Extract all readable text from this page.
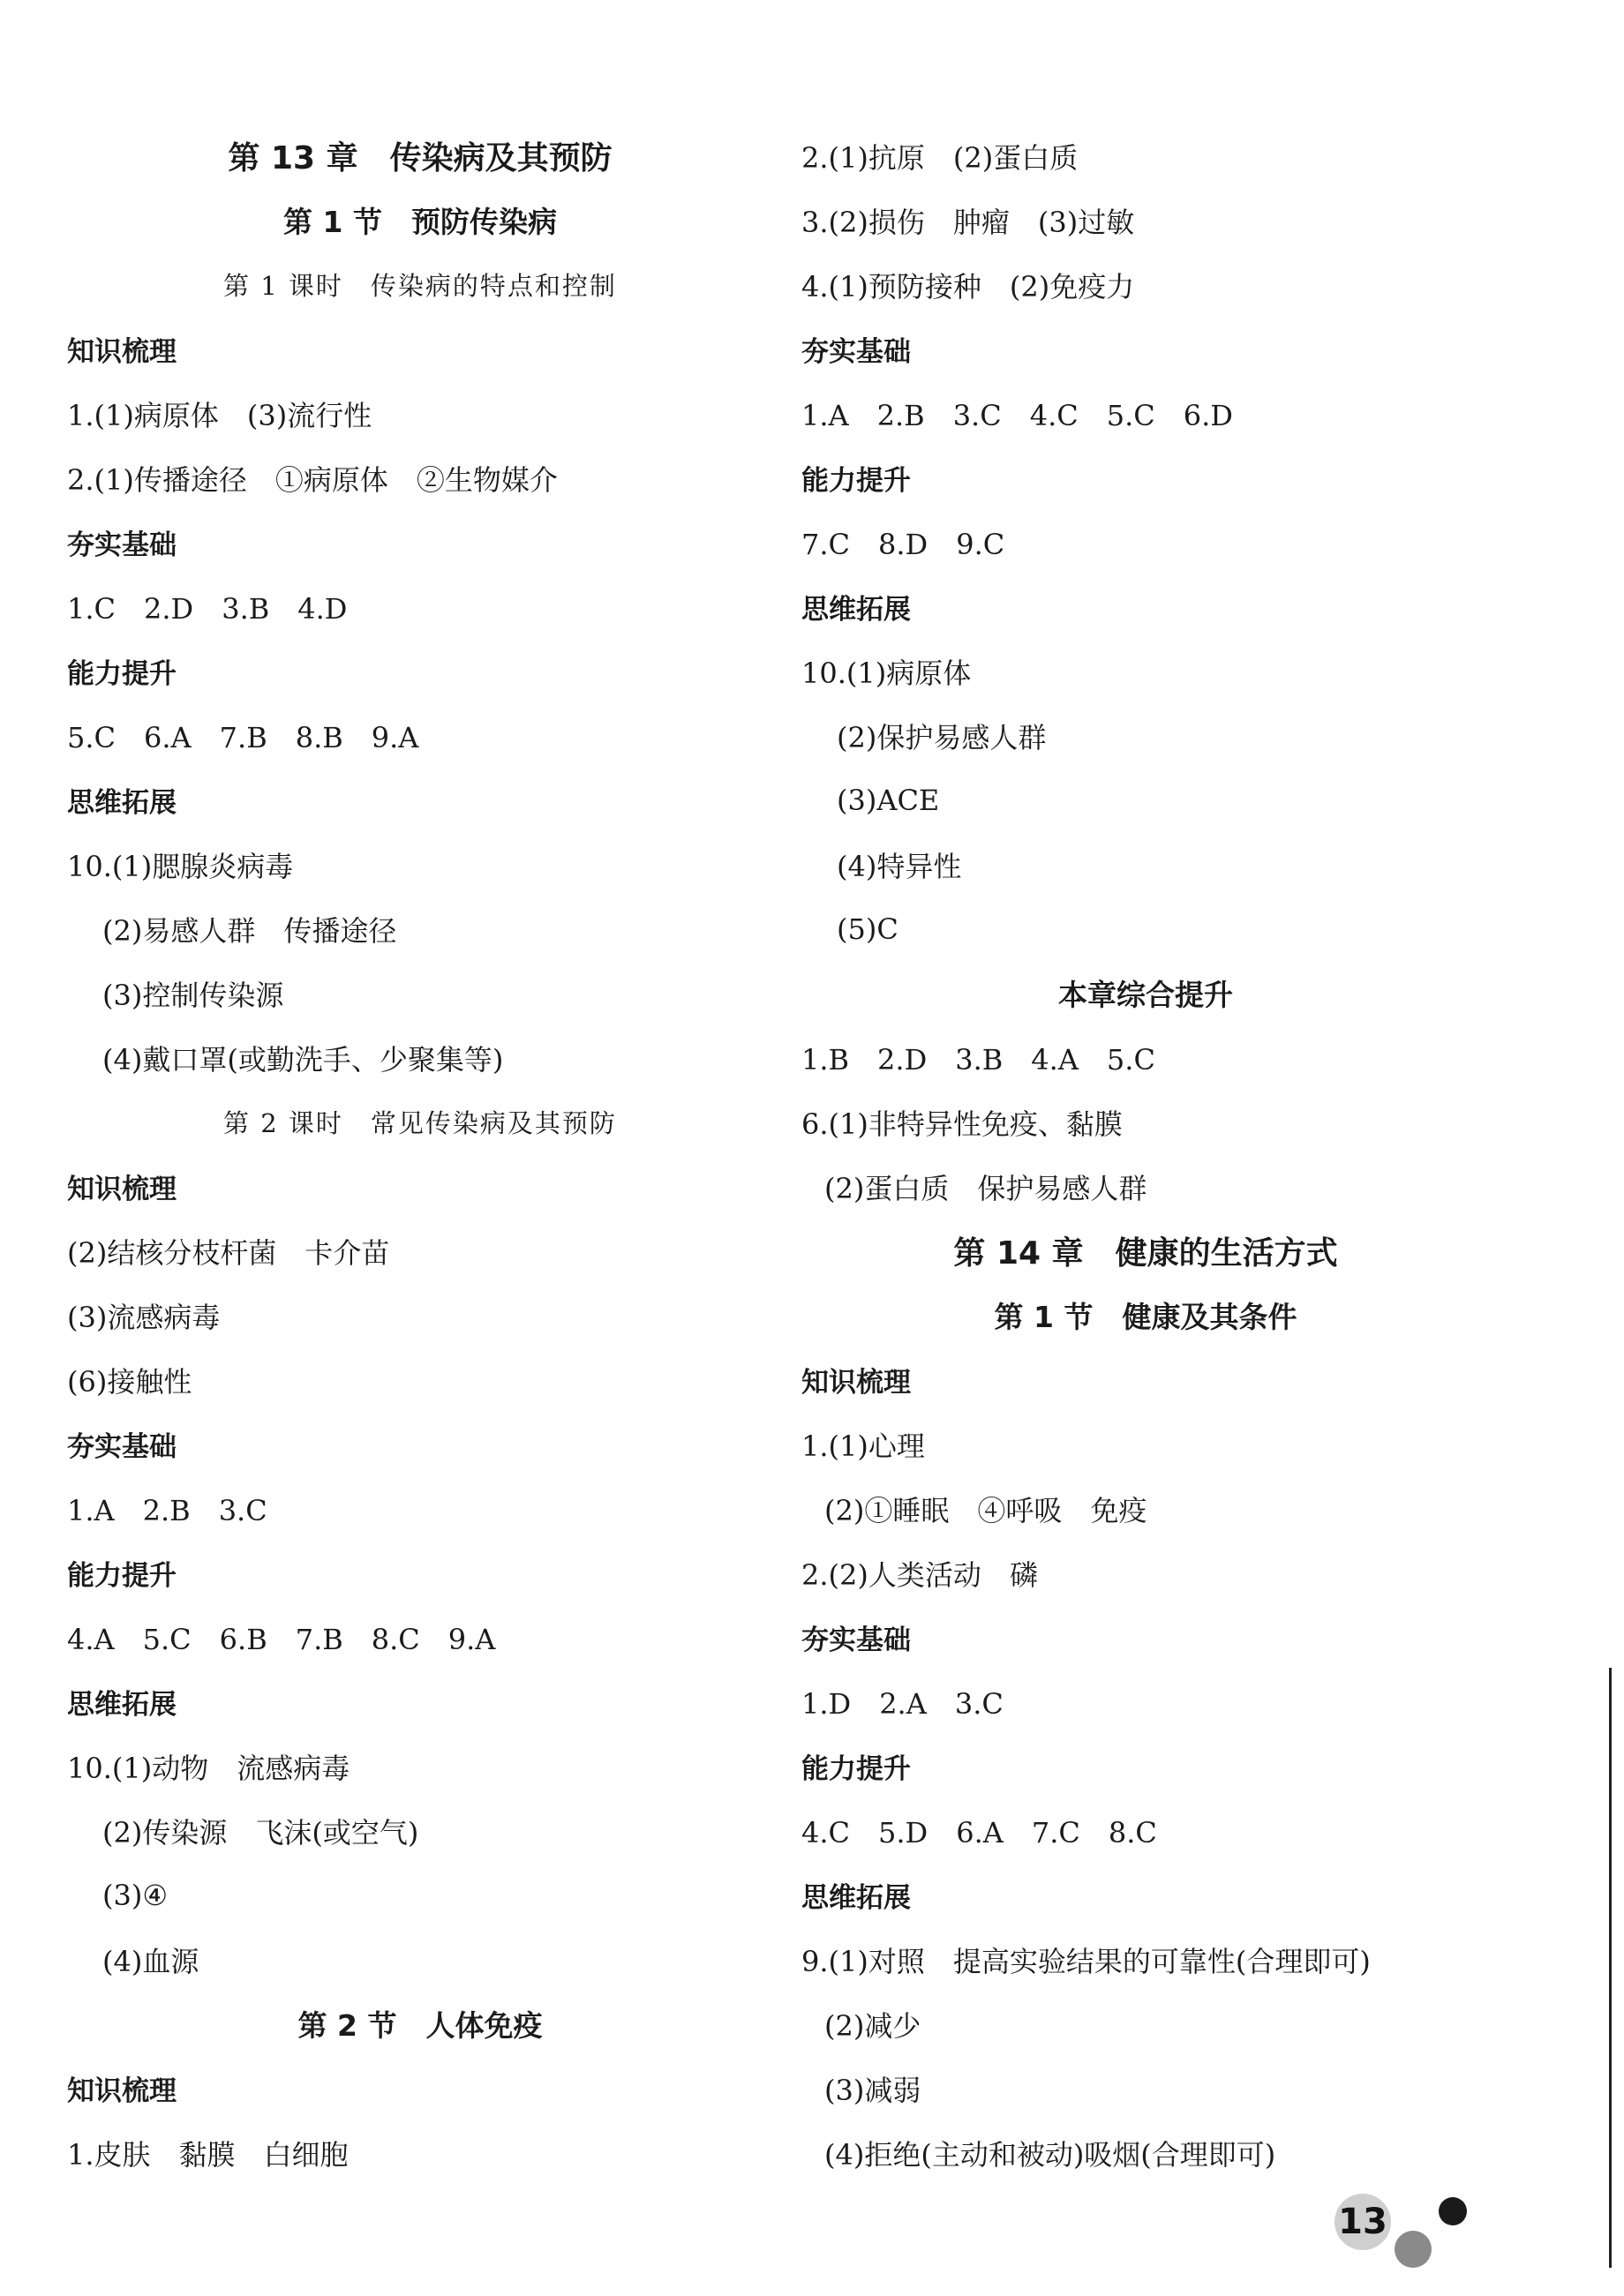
第 13 章　传染病及其预防
第 1 节　预防传染病
第 1 课时　传染病的特点和控制
知识梳理
1.(1)病原体　(3)流行性
2.(1)传播途径　①病原体　②生物媒介
夯实基础
1.C　2.D　3.B　4.D
能力提升
5.C　6.A　7.B　8.B　9.A
思维拓展
10.(1)腮腺炎病毒
(2)易感人群　传播途径
(3)控制传染源
(4)戴口罩(或勤洗手、少聚集等)
第 2 课时　常见传染病及其预防
知识梳理
(2)结核分枝杆菌　卡介苗
(3)流感病毒
(6)接触性
夯实基础
1.A　2.B　3.C
能力提升
4.A　5.C　6.B　7.B　8.C　9.A
思维拓展
10.(1)动物　流感病毒
(2)传染源　飞沫(或空气)
(3)④
(4)血源
第 2 节　人体免疫
知识梳理
1.皮肤　黏膜　白细胞
2.(1)抗原　(2)蛋白质
3.(2)损伤　肿瘤　(3)过敏
4.(1)预防接种　(2)免疫力
夯实基础
1.A　2.B　3.C　4.C　5.C　6.D
能力提升
7.C　8.D　9.C
思维拓展
10.(1)病原体
(2)保护易感人群
(3)ACE
(4)特异性
(5)C
本章综合提升
1.B　2.D　3.B　4.A　5.C
6.(1)非特异性免疫、黏膜
(2)蛋白质　保护易感人群
第 14 章　健康的生活方式
第 1 节　健康及其条件
知识梳理
1.(1)心理
(2)①睡眠　④呼吸　免疫
2.(2)人类活动　磷
夯实基础
1.D　2.A　3.C
能力提升
4.C　5.D　6.A　7.C　8.C
思维拓展
9.(1)对照　提高实验结果的可靠性(合理即可)
(2)减少
(3)减弱
(4)拒绝(主动和被动)吸烟(合理即可)
13
